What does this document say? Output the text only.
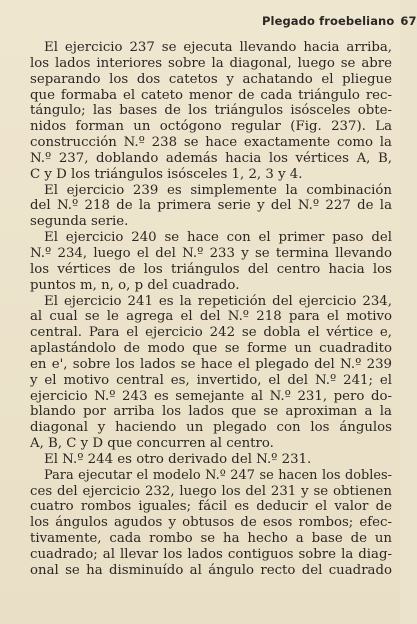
Plegado froebeliano 67

El ejercicio 237 se ejecuta llevando hacia arriba,
los lados interiores sobre la diagonal, luego se abre
separando los dos catetos y achatando el pliegue
que formaba el cateto menor de cada triángulo rec-
tángulo; las bases de los triángulos isósceles obte-
nidos forman un octógono regular (Fig. 237). La
construcción N.º 238 se hace exactamente como la
N.º 237, doblando además hacia los vértices A, B,
C y D los triángulos isósceles 1, 2, 3 y 4.

El ejercicio 239 es simplemente la combinación
del N.º 218 de la primera serie y del N.º 227 de la
segunda serie.

El ejercicio 240 se hace con el primer paso del
N.º 234, luego el del N.º 233 y se termina llevando
los vértices de los triángulos del centro hacia los
puntos m, n, o, p del cuadrado.

El ejercicio 241 es la repetición del ejercicio 234,
al cual se le agrega el del N.º 218 para el motivo
central. Para el ejercicio 242 se dobla el vértice e,
aplastándolo de modo que se forme un cuadradito
en e', sobre los lados se hace el plegado del N.º 239
y el motivo central es, invertido, el del N.º 241; el
ejercicio N.º 243 es semejante al N.º 231, pero do-
blando por arriba los lados que se aproximan a la
diagonal y haciendo un plegado con los ángulos
A, B, C y D que concurren al centro.

El N.º 244 es otro derivado del N.º 231.

Para ejecutar el modelo N.º 247 se hacen los dobles-
ces del ejercicio 232, luego los del 231 y se obtienen
cuatro rombos iguales; fácil es deducir el valor de
los ángulos agudos y obtusos de esos rombos; efec-
tivamente, cada rombo se ha hecho a base de un
cuadrado; al llevar los lados contiguos sobre la diag-
onal se ha disminuído al ángulo recto del cuadrado
